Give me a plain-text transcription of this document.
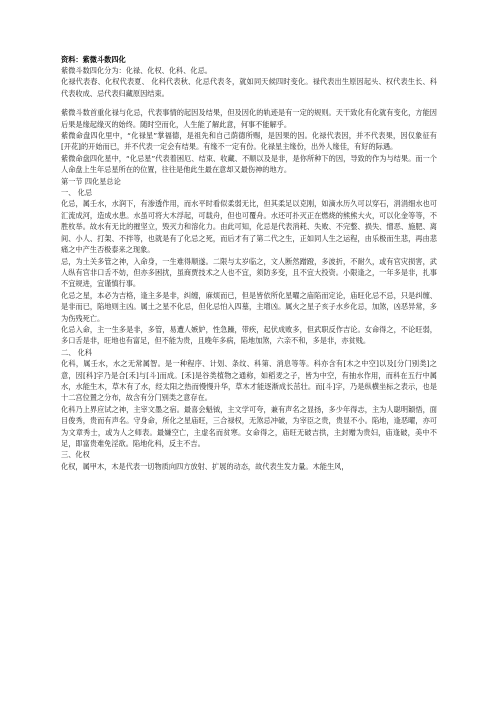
资料：紫微斗数四化
紫微斗数四化分为：化禄、化权、化科、化忌。
化禄代表春、化权代表夏、 化科代表秋、化忌代表冬，就如同天候四时变化。禄代表出生原因起头、权代表生长、科代表收成、忌代表归藏原因结束。
紫微斗数首重化禄与化忌，代表事情的起因及结果，但及因化的轨迹是有一定的规则。天干致化有化就有变化，方能因后果是缘起缘灭的始终。随时空而化，人生能了解此意，何事不能解乎。
紫微命盘四化里中，“化禄星”掌福德，是祖先和自己荫德所赐，是因果的因。化禄代表因，并不代表果，因仅象征有[开花]的开始而已，并不代表一定会有结果。有缘不一定有份。化禄星主缘份，出外人缘佳，有好的际遇。
紫微命盘四化星中，“化忌星”代表着困厄、结束、收藏、不顺以及是非，是你所种下的因，导致的作为与结果。而一个人命盘上生年忌星所在的位置，往往是他此生最在意却又最伤神的地方。
第一节 四化星总论
一、 化忌
化忌，属壬水，水润下，有渗透作用，而水平时看似柔弱无比，但其柔足以克刚，如滴水历久可以穿石，涓涓细水也可汇流成河，造成水患。水虽可将大木浮起，可载舟，但也可覆舟。水还可扑灭正在燃烧的熊熊大火，可以化金等等，不胜枚举。故水有无比的摧坚立，毁灭力和溶化力。由此可知，化忌是代表消耗、失败、不完整、损失、憎恶、施肥、离间、小人、打架、不拌等，也就是有了化忌之死，而后才有了第二代之生，正如同人生之运程，由乐极而生悲，再由悲痛之中产生否极泰来之现象。
忌，为土关多管之神，入命身，一生难得顺遂。二限与太岁临之，文人断然蹭蹬，多波折，不耐久，或有官灾损害，武人纵有官非口舌不妨，但亦多困扰，虽商贾技术之人也不宜，须防多变，且不宜大投资。小限逢之，一年多是非，扎事不宜规进，宜谨慎行事。
化忌之星，本必为吉格，逢主多是非，纠缠，麻烦而已，但是皆依所化星曜之庙陷而定论，庙旺化忌不忌，只是纠缠、是非而已，陷地则主凶。属土之星不化忌，但化忌怕入四墓，主增凶。属火之星子亥子水乡化忌，加煞，凶恶异常，多为伤残死亡。
化忌入命，主一生多是非，多管，易遭人嫉妒，性急躁，带疾，起伏成败多，但武职反作吉论。女命得之，不论旺弱，多口舌是非，旺地也有富足，但不能为贵，且晚年多病，陷地加煞，六亲不和，多是非，亦贫贱。
二、 化科
化科，属壬水，水之无常属智。是一种程序、计划、条纹、科第、消息等等。科亦含有[木之中空]以及[分门别类]之意，因[科]字乃是合[禾]与[斗]而成。[禾]是谷类植物之通称，如稻麦之子，皆为中空，有抽水作用，而科在五行中属水，水能生木，草木有了水，经太阳之热而慢慢升华，草木才能逐渐成长茁壮。而[斗]字，乃是纵横坐标之表示，也是十二宫位置之分布，故含有分门别类之意存在。
化科乃上界应试之神，主宰文墨之宿。最喜会魁钺，主文学可夸，兼有声名之显扬，多少年得志，主为人聪明颖悟，面目俊秀，贵而有声名。守身命，所化之星庙旺，三合禄权，无煞忌冲破，为宰臣之贵，贵显不小。陷地，逢恶曜，亦可为文章秀士，或为人之师表。最嫌空亡，主虚名而贫寒。女命得之，庙旺无破吉拱，主封赠为贵妇，庙逢破，美中不足，即富贵难免淫欲。陷地化科，反主不吉。
三、化权
化权，属甲木，木是代表一切物质向四方放射、扩展的动态，故代表生发力量。木能生风，
